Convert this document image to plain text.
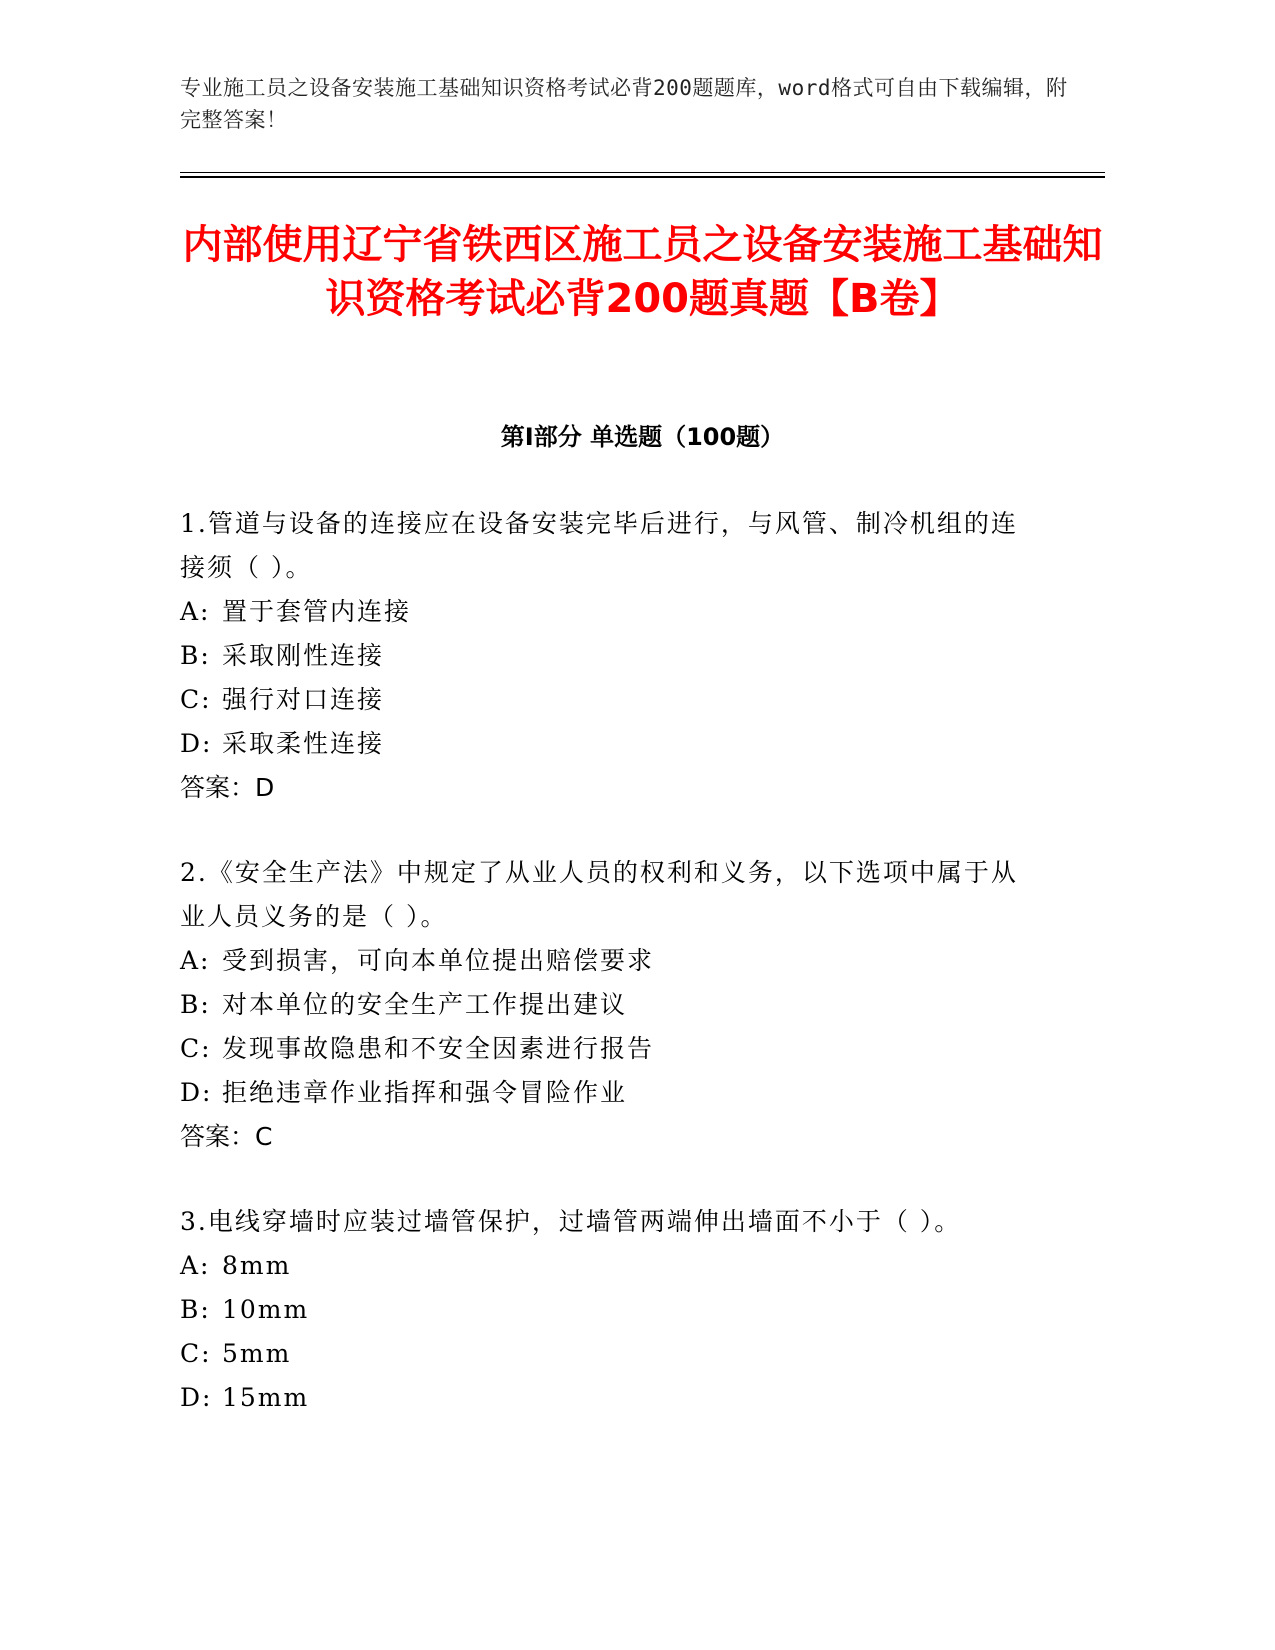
专业施工员之设备安装施工基础知识资格考试必背200题题库，word格式可自由下载编辑，附完整答案！
内部使用辽宁省铁西区施工员之设备安装施工基础知识资格考试必背200题真题【B卷】
第Ⅰ部分 单选题（100题）
1.管道与设备的连接应在设备安装完毕后进行，与风管、制冷机组的连接须（ ）。
A: 置于套管内连接
B: 采取刚性连接
C: 强行对口连接
D: 采取柔性连接
答案：D
2.《安全生产法》中规定了从业人员的权利和义务，以下选项中属于从业人员义务的是（ ）。
A: 受到损害，可向本单位提出赔偿要求
B: 对本单位的安全生产工作提出建议
C: 发现事故隐患和不安全因素进行报告
D: 拒绝违章作业指挥和强令冒险作业
答案：C
3.电线穿墙时应装过墙管保护，过墙管两端伸出墙面不小于（ ）。
A: 8mm
B: 10mm
C: 5mm
D: 15mm
